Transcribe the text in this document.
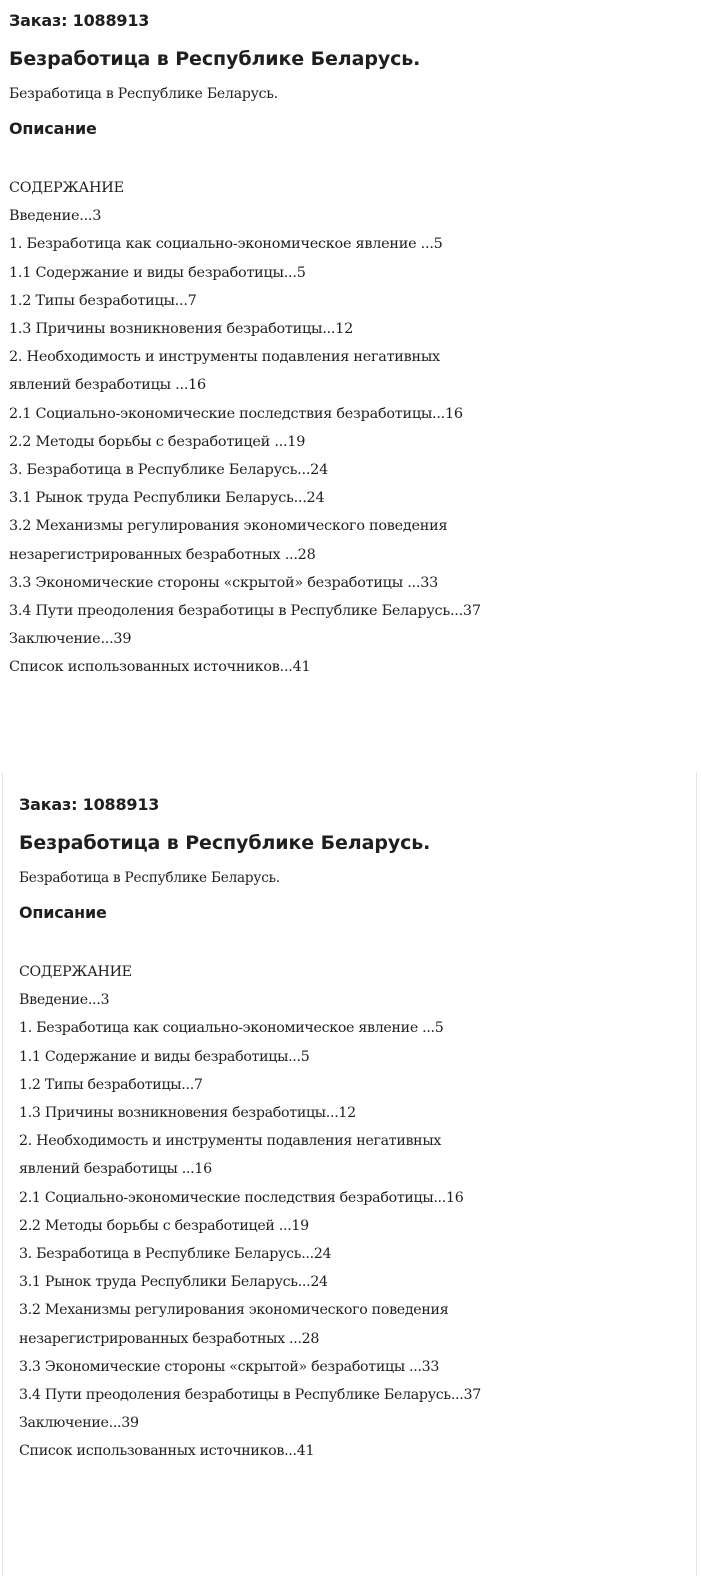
Заказ: 1088913
Безработица в Республике Беларусь.
Безработица в Республике Беларусь.
Описание
СОДЕРЖАНИЕ
Введение...3
1. Безработица как социально-экономическое явление ...5
1.1 Содержание и виды безработицы...5
1.2 Типы безработицы...7
1.3 Причины возникновения безработицы...12
2. Необходимость и инструменты подавления негативных
явлений безработицы ...16
2.1 Социально-экономические последствия безработицы...16
2.2 Методы борьбы с безработицей ...19
3. Безработица в Республике Беларусь...24
3.1 Рынок труда Республики Беларусь...24
3.2 Механизмы регулирования экономического поведения
незарегистрированных безработных ...28
3.3 Экономические стороны «скрытой» безработицы ...33
3.4 Пути преодоления безработицы в Республике Беларусь...37
Заключение...39
Список использованных источников...41
Заказ: 1088913
Безработица в Республике Беларусь.
Безработица в Республике Беларусь.
Описание
СОДЕРЖАНИЕ
Введение...3
1. Безработица как социально-экономическое явление ...5
1.1 Содержание и виды безработицы...5
1.2 Типы безработицы...7
1.3 Причины возникновения безработицы...12
2. Необходимость и инструменты подавления негативных
явлений безработицы ...16
2.1 Социально-экономические последствия безработицы...16
2.2 Методы борьбы с безработицей ...19
3. Безработица в Республике Беларусь...24
3.1 Рынок труда Республики Беларусь...24
3.2 Механизмы регулирования экономического поведения
незарегистрированных безработных ...28
3.3 Экономические стороны «скрытой» безработицы ...33
3.4 Пути преодоления безработицы в Республике Беларусь...37
Заключение...39
Список использованных источников...41
